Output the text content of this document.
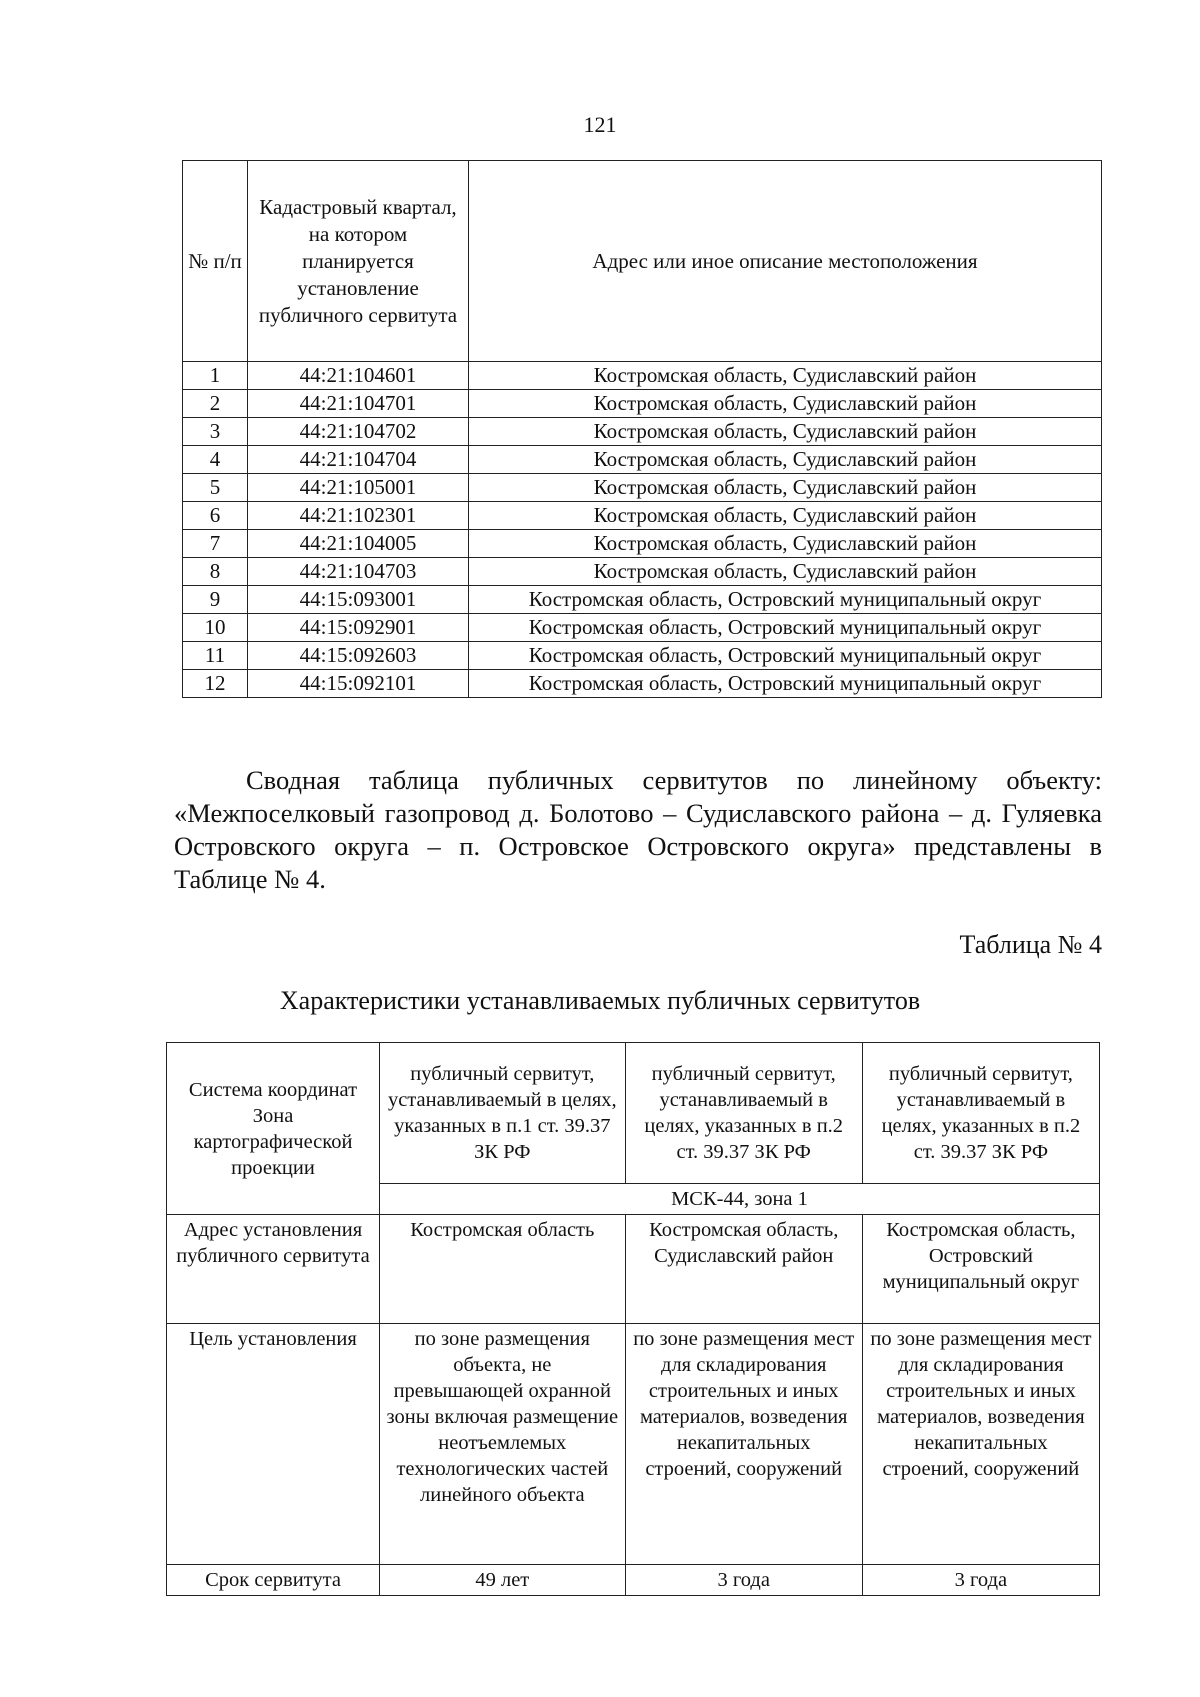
121
№ п/п	Кадастровый квартал, на котором планируется установление публичного сервитута	Адрес или иное описание местоположения
1	44:21:104601	Костромская область, Судиславский район
2	44:21:104701	Костромская область, Судиславский район
3	44:21:104702	Костромская область, Судиславский район
4	44:21:104704	Костромская область, Судиславский район
5	44:21:105001	Костромская область, Судиславский район
6	44:21:102301	Костромская область, Судиславский район
7	44:21:104005	Костромская область, Судиславский район
8	44:21:104703	Костромская область, Судиславский район
9	44:15:093001	Костромская область, Островский муниципальный округ
10	44:15:092901	Костромская область, Островский муниципальный округ
11	44:15:092603	Костромская область, Островский муниципальный округ
12	44:15:092101	Костромская область, Островский муниципальный округ

Сводная таблица публичных сервитутов по линейному объекту: «Межпоселковый газопровод д. Болотово – Судиславского района – д. Гуляевка Островского округа – п. Островское Островского округа» представлены в Таблице № 4.

Таблица № 4
Характеристики устанавливаемых публичных сервитутов
Система координат Зона картографической проекции	публичный сервитут, устанавливаемый в целях, указанных в п.1 ст. 39.37 ЗК РФ	публичный сервитут, устанавливаемый в целях, указанных в п.2 ст. 39.37 ЗК РФ	публичный сервитут, устанавливаемый в целях, указанных в п.2 ст. 39.37 ЗК РФ
	МСК-44, зона 1		
Адрес установления публичного сервитута	Костромская область	Костромская область, Судиславский район	Костромская область, Островский муниципальный округ
Цель установления	по зоне размещения объекта, не превышающей охранной зоны включая размещение неотъемлемых технологических частей линейного объекта	по зоне размещения мест для складирования строительных и иных материалов, возведения некапитальных строений, сооружений	по зоне размещения мест для складирования строительных и иных материалов, возведения некапитальных строений, сооружений
Срок сервитута	49 лет	3 года	3 года
